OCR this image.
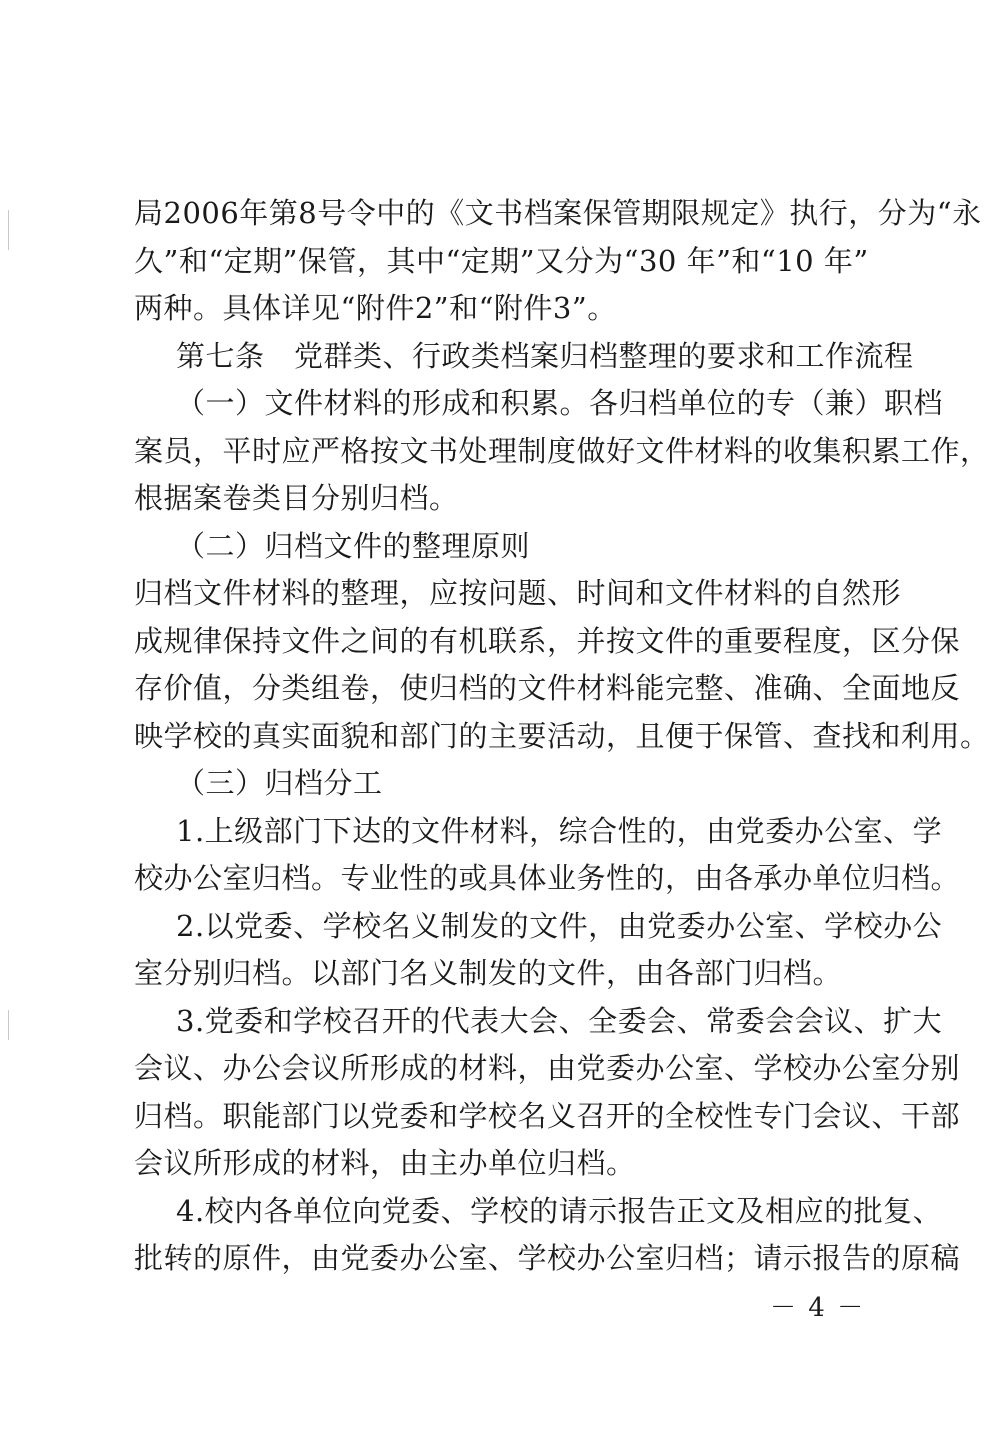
局2006年第8号令中的《文书档案保管期限规定》执行，分为“永
久”和“定期”保管，其中“定期”又分为“30 年”和“10 年”
两种。具体详见“附件2”和“附件3”。
第七条　党群类、行政类档案归档整理的要求和工作流程
（一）文件材料的形成和积累。各归档单位的专（兼）职档
案员，平时应严格按文书处理制度做好文件材料的收集积累工作，
根据案卷类目分别归档。
（二）归档文件的整理原则
归档文件材料的整理，应按问题、时间和文件材料的自然形
成规律保持文件之间的有机联系，并按文件的重要程度，区分保
存价值，分类组卷，使归档的文件材料能完整、准确、全面地反
映学校的真实面貌和部门的主要活动，且便于保管、查找和利用。
（三）归档分工
1.上级部门下达的文件材料，综合性的，由党委办公室、学
校办公室归档。专业性的或具体业务性的，由各承办单位归档。
2.以党委、学校名义制发的文件，由党委办公室、学校办公
室分别归档。以部门名义制发的文件，由各部门归档。
3.党委和学校召开的代表大会、全委会、常委会会议、扩大
会议、办公会议所形成的材料，由党委办公室、学校办公室分别
归档。职能部门以党委和学校名义召开的全校性专门会议、干部
会议所形成的材料，由主办单位归档。
4.校内各单位向党委、学校的请示报告正文及相应的批复、
批转的原件，由党委办公室、学校办公室归档；请示报告的原稿
－ 4 －
